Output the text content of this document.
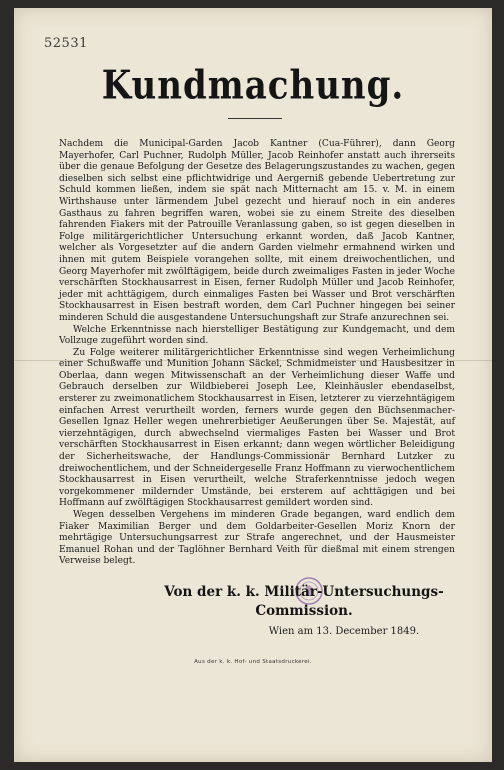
52531
Kundmachung.

Nachdem die Municipal-Garden Jacob Kantner (Cua-Führer), dann Georg Mayerhofer, Carl Puchner, Rudolph Müller, Jacob Reinhofer anstatt auch ihrerseits über die genaue Befolgung der Gesetze des Belagerungszustandes zu wachen, gegen dieselben sich selbst eine pflichtwidrige und Aergerniß gebende Uebertretung zur Schuld kommen ließen, indem sie spät nach Mitternacht am 15. v. M. in einem Wirthshause unter lärmendem Jubel gezecht und hierauf noch in ein anderes Gasthaus zu fahren begriffen waren, wobei sie zu einem Streite des dieselben fahrenden Fiakers mit der Patrouille Veranlassung gaben, so ist gegen dieselben in Folge militärgerichtlicher Untersuchung erkannt worden, daß Jacob Kantner, welcher als Vorgesetzter auf die andern Garden vielmehr ermahnend wirken und ihnen mit gutem Beispiele vorangehen sollte, mit einem dreiwochentlichen, und Georg Mayerhofer mit zwölftägigem, beide durch zweimaliges Fasten in jeder Woche verschärften Stockhausarrest in Eisen, ferner Rudolph Müller und Jacob Reinhofer, jeder mit achttägigem, durch einmaliges Fasten bei Wasser und Brot verschärften Stockhausarrest in Eisen bestraft worden, dem Carl Puchner hingegen bei seiner minderen Schuld die ausgestandene Untersuchungshaft zur Strafe anzurechnen sei.

Welche Erkenntnisse nach hierstelliger Bestätigung zur Kundgemacht, und dem Vollzuge zugeführt worden sind.

Zu Folge weiterer militärgerichtlicher Erkenntnisse sind wegen Verheimlichung einer Schußwaffe und Munition Johann Säckel, Schmidmeister und Hausbesitzer in Oberlaa, dann wegen Mitwissenschaft an der Verheimlichung dieser Waffe und Gebrauch derselben zur Wildbieberei Joseph Lee, Kleinhäusler ebendaselbst, ersterer zu zweimonatlichem Stockhausarrest in Eisen, letzterer zu vierzehntägigem einfachen Arrest verurtheilt worden, ferners wurde gegen den Büchsenmacher-Gesellen Ignaz Heller wegen unehrerbietiger Aeußerungen über Se. Majestät, auf vierzehntägigen, durch abwechselnd viermaliges Fasten bei Wasser und Brot verschärften Stockhausarrest in Eisen erkannt; dann wegen wörtlicher Beleidigung der Sicherheitswache, der Handlungs-Commissionär Bernhard Lutzker zu dreiwochentlichem, und der Schneidergeselle Franz Hoffmann zu vierwochentlichem Stockhausarrest in Eisen verurtheilt, welche Straferkenntnisse jedoch wegen vorgekommener mildernder Umstände, bei ersterem auf achttägigen und bei Hoffmann auf zwölftägigen Stockhausarrest gemildert worden sind.

Wegen desselben Vergehens im minderen Grade begangen, ward endlich dem Fiaker Maximilian Berger und dem Goldarbeiter-Gesellen Moriz Knorn der mehrtägige Untersuchungsarrest zur Strafe angerechnet, und der Hausmeister Emanuel Rohan und der Taglöhner Bernhard Veith für dießmal mit einem strengen Verweise belegt.

Von der k. k. Militär-Untersuchungs-
Commission.
Wien am 13. December 1849.
Aus der k. k. Hof- und Staatsdruckerei.
